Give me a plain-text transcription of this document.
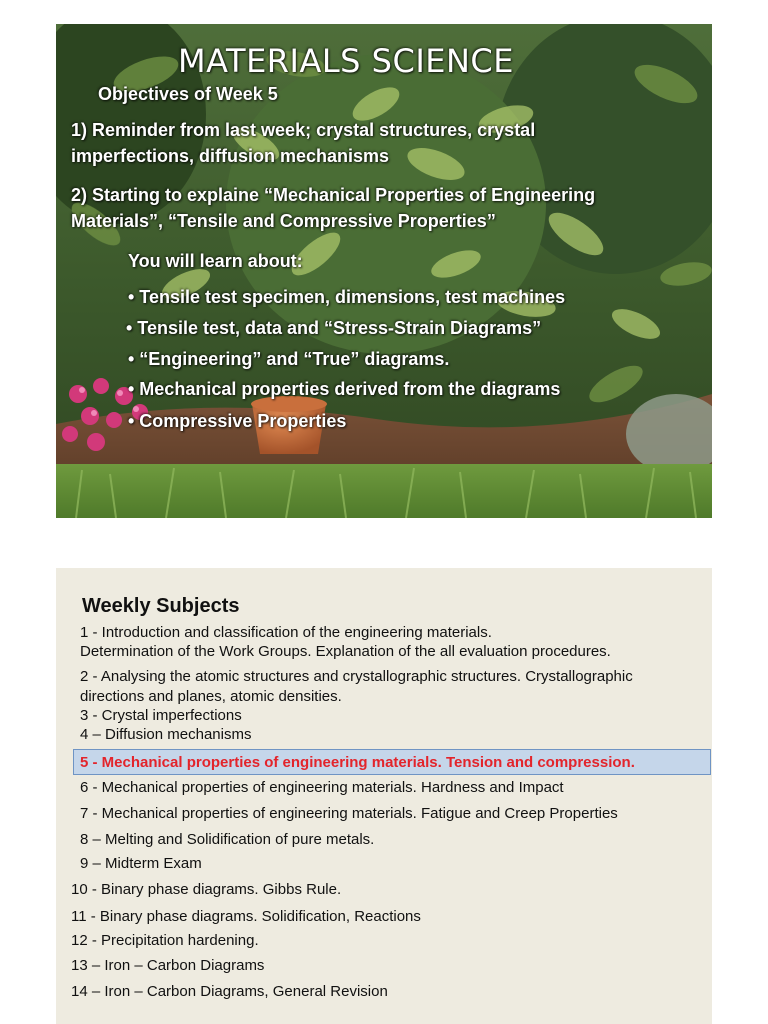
MATERIALS SCIENCE
Objectives of Week 5
1) Reminder from last week; crystal structures, crystal
imperfections, diffusion mechanisms
2) Starting to explaine “Mechanical Properties of Engineering
Materials”, “Tensile and Compressive Properties”
You will learn about:
• Tensile test specimen, dimensions, test machines
• Tensile test, data and “Stress-Strain Diagrams”
• “Engineering” and “True” diagrams.
• Mechanical properties derived from the diagrams
• Compressive Properties
Weekly Subjects
1 - Introduction and classification of the engineering materials.
Determination of the Work Groups. Explanation of the all evaluation procedures.
2 - Analysing the atomic structures and crystallographic structures. Crystallographic
directions and planes, atomic densities.
3 - Crystal imperfections
4 – Diffusion mechanisms
5 - Mechanical properties of engineering materials. Tension and compression.
6 - Mechanical properties of engineering materials. Hardness and Impact
7 - Mechanical properties of engineering materials. Fatigue and Creep Properties
8 – Melting and Solidification of pure metals.
9 – Midterm Exam
10 - Binary phase diagrams. Gibbs Rule.
11 - Binary phase diagrams. Solidification, Reactions
12 - Precipitation hardening.
13 – Iron – Carbon Diagrams
14 – Iron – Carbon Diagrams, General Revision
